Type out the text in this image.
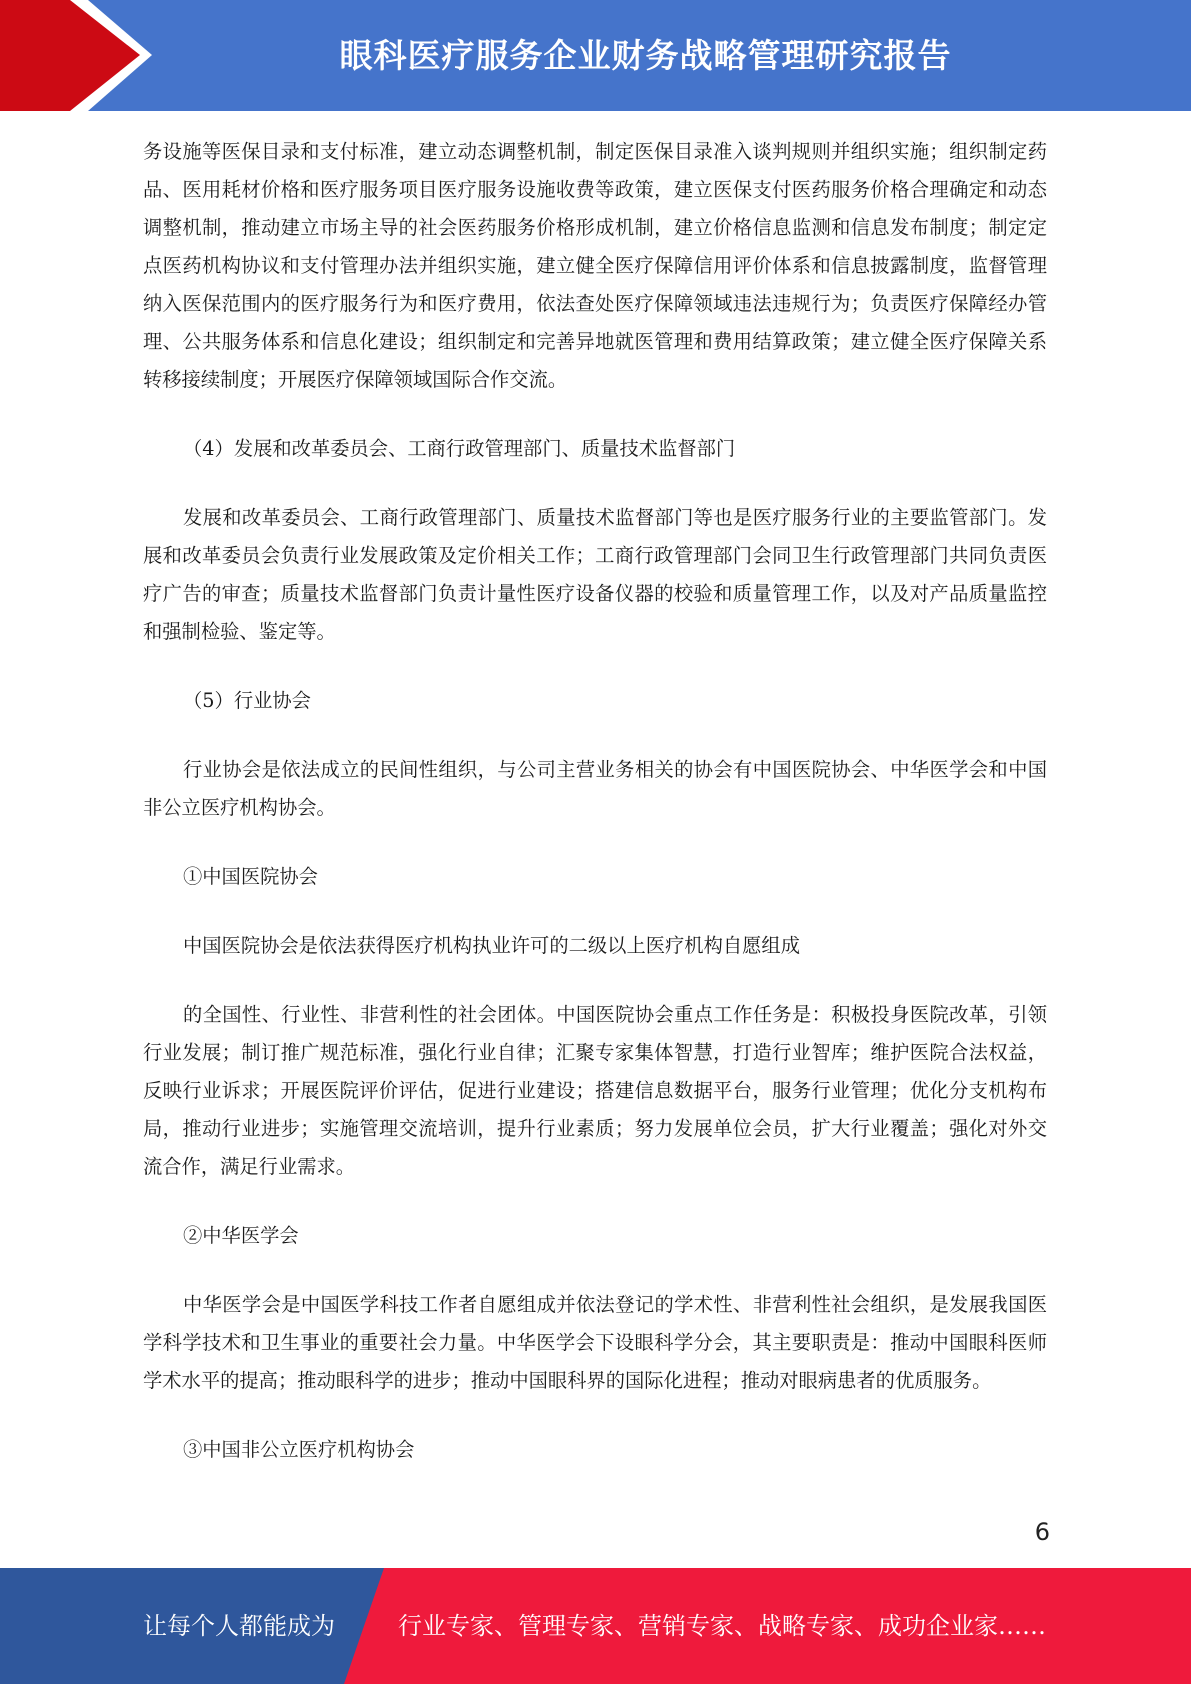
眼科医疗服务企业财务战略管理研究报告

务设施等医保目录和支付标准，建立动态调整机制，制定医保目录准入谈判规则并组织实施；组织制定药品、医用耗材价格和医疗服务项目医疗服务设施收费等政策，建立医保支付医药服务价格合理确定和动态调整机制，推动建立市场主导的社会医药服务价格形成机制，建立价格信息监测和信息发布制度；制定定点医药机构协议和支付管理办法并组织实施，建立健全医疗保障信用评价体系和信息披露制度，监督管理纳入医保范围内的医疗服务行为和医疗费用，依法查处医疗保障领域违法违规行为；负责医疗保障经办管理、公共服务体系和信息化建设；组织制定和完善异地就医管理和费用结算政策；建立健全医疗保障关系转移接续制度；开展医疗保障领域国际合作交流。

（4）发展和改革委员会、工商行政管理部门、质量技术监督部门

发展和改革委员会、工商行政管理部门、质量技术监督部门等也是医疗服务行业的主要监管部门。发展和改革委员会负责行业发展政策及定价相关工作；工商行政管理部门会同卫生行政管理部门共同负责医疗广告的审查；质量技术监督部门负责计量性医疗设备仪器的校验和质量管理工作，以及对产品质量监控和强制检验、鉴定等。

（5）行业协会

行业协会是依法成立的民间性组织，与公司主营业务相关的协会有中国医院协会、中华医学会和中国非公立医疗机构协会。

①中国医院协会

中国医院协会是依法获得医疗机构执业许可的二级以上医疗机构自愿组成

的全国性、行业性、非营利性的社会团体。中国医院协会重点工作任务是：积极投身医院改革，引领行业发展；制订推广规范标准，强化行业自律；汇聚专家集体智慧，打造行业智库；维护医院合法权益，反映行业诉求；开展医院评价评估，促进行业建设；搭建信息数据平台，服务行业管理；优化分支机构布局，推动行业进步；实施管理交流培训，提升行业素质；努力发展单位会员，扩大行业覆盖；强化对外交流合作，满足行业需求。

②中华医学会

中华医学会是中国医学科技工作者自愿组成并依法登记的学术性、非营利性社会组织，是发展我国医学科学技术和卫生事业的重要社会力量。中华医学会下设眼科学分会，其主要职责是：推动中国眼科医师学术水平的提高；推动眼科学的进步；推动中国眼科界的国际化进程；推动对眼病患者的优质服务。

③中国非公立医疗机构协会

6
让每个人都能成为	行业专家、管理专家、营销专家、战略专家、成功企业家……
